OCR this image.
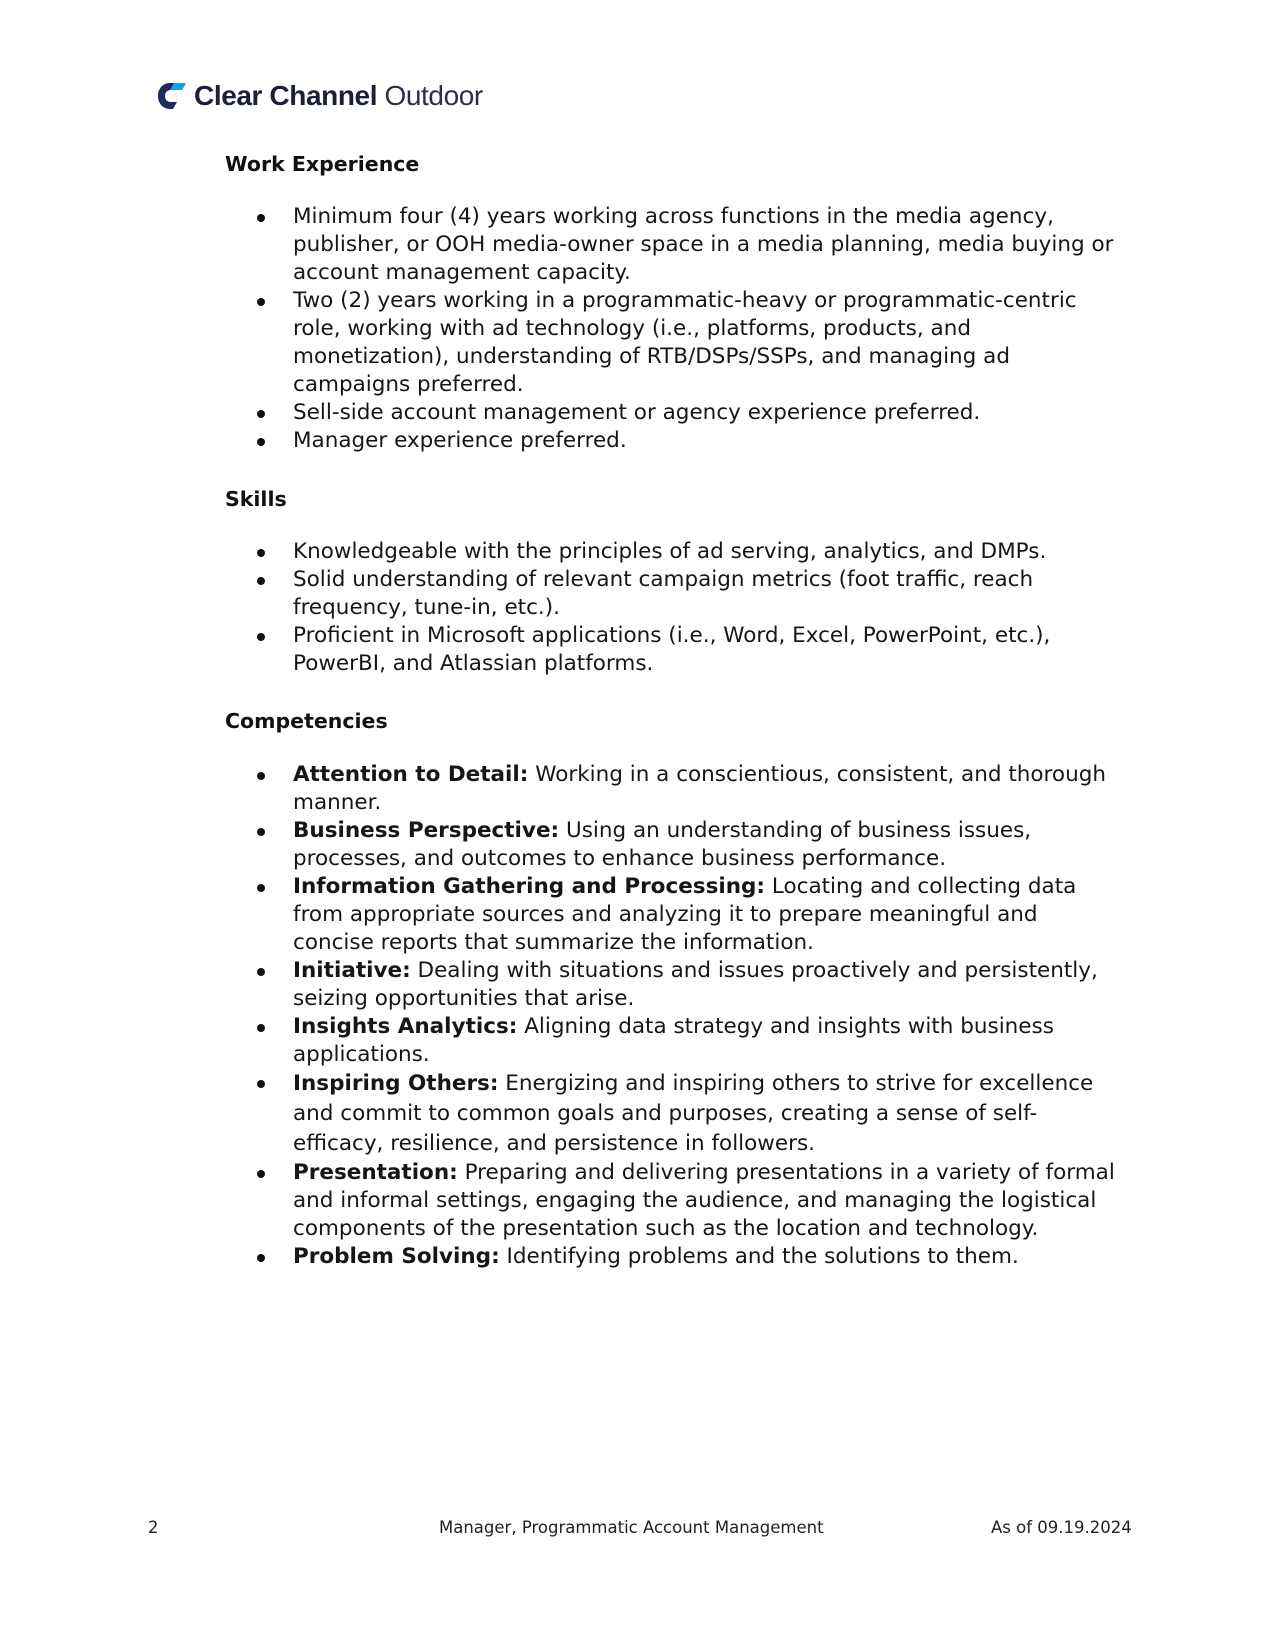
Clear Channel Outdoor
Work Experience
Minimum four (4) years working across functions in the media agency, publisher, or OOH media-owner space in a media planning, media buying or account management capacity.
Two (2) years working in a programmatic-heavy or programmatic-centric role, working with ad technology (i.e., platforms, products, and monetization), understanding of RTB/DSPs/SSPs, and managing ad campaigns preferred.
Sell-side account management or agency experience preferred.
Manager experience preferred.
Skills
Knowledgeable with the principles of ad serving, analytics, and DMPs.
Solid understanding of relevant campaign metrics (foot traffic, reach frequency, tune-in, etc.).
Proficient in Microsoft applications (i.e., Word, Excel, PowerPoint, etc.), PowerBI, and Atlassian platforms.
Competencies
Attention to Detail: Working in a conscientious, consistent, and thorough manner.
Business Perspective: Using an understanding of business issues, processes, and outcomes to enhance business performance.
Information Gathering and Processing: Locating and collecting data from appropriate sources and analyzing it to prepare meaningful and concise reports that summarize the information.
Initiative: Dealing with situations and issues proactively and persistently, seizing opportunities that arise.
Insights Analytics: Aligning data strategy and insights with business applications.
Inspiring Others: Energizing and inspiring others to strive for excellence and commit to common goals and purposes, creating a sense of self-efficacy, resilience, and persistence in followers.
Presentation: Preparing and delivering presentations in a variety of formal and informal settings, engaging the audience, and managing the logistical components of the presentation such as the location and technology.
Problem Solving: Identifying problems and the solutions to them.
2	Manager, Programmatic Account Management	As of 09.19.2024
